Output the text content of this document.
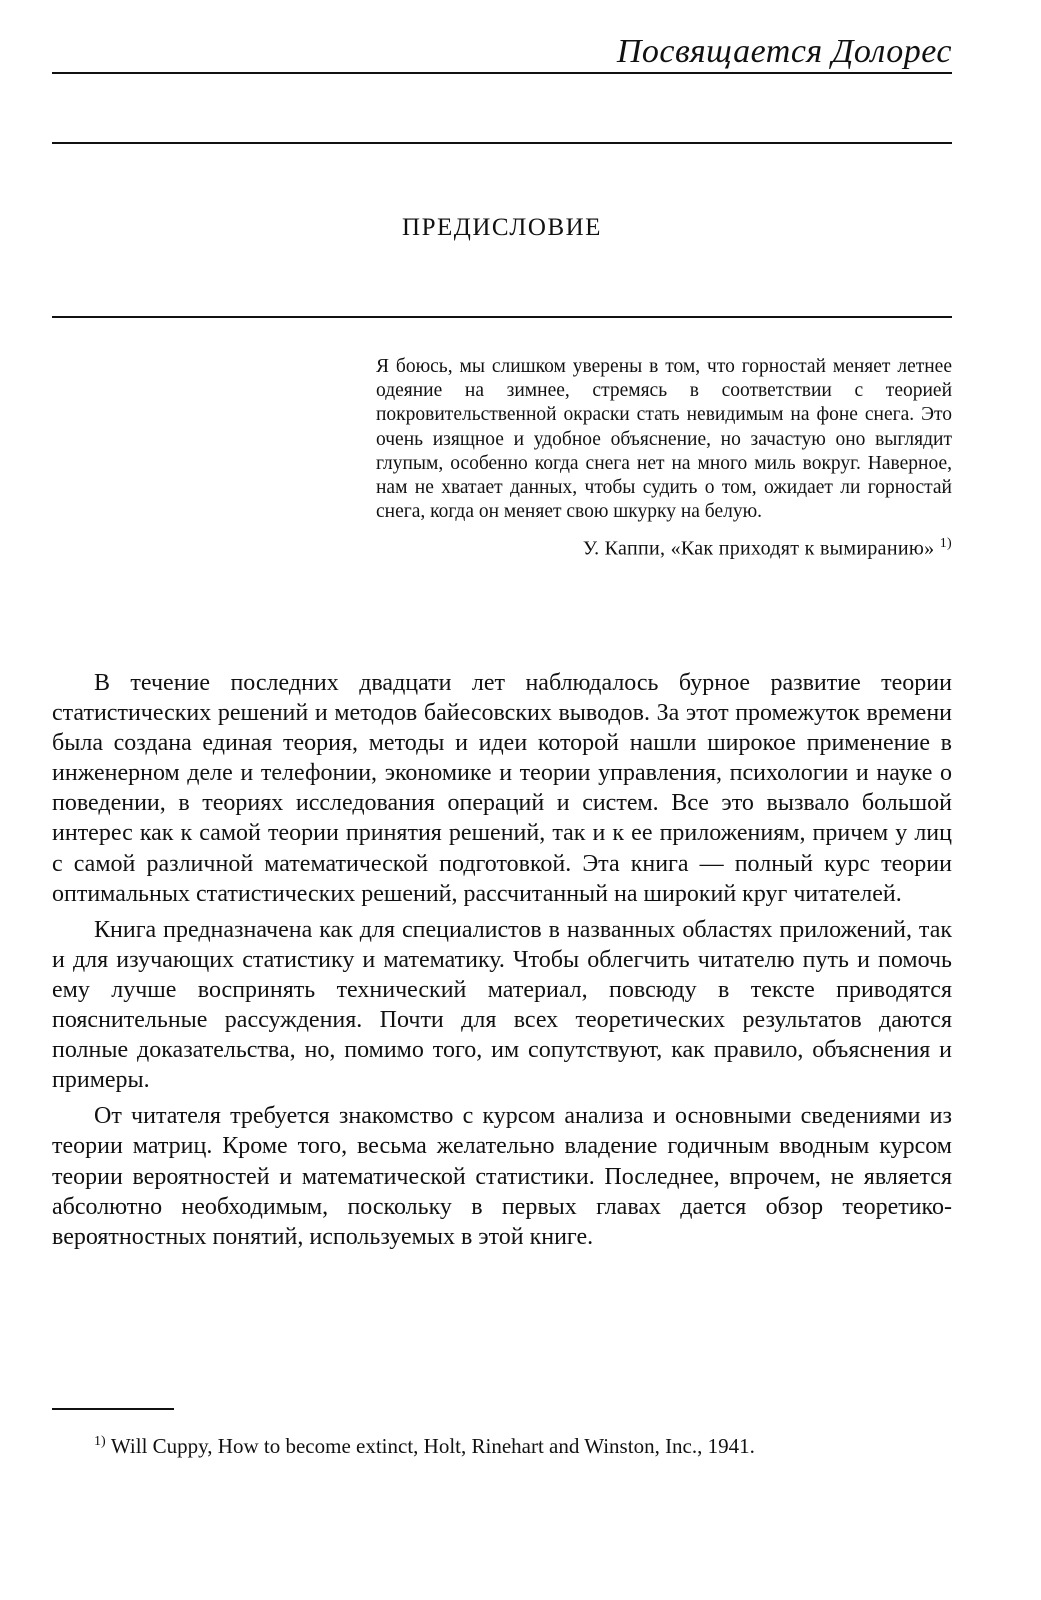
Посвящается Долорес
ПРЕДИСЛОВИЕ

Я боюсь, мы слишком уверены в том, что горностай меняет летнее одеяние на зимнее, стремясь в соответствии с теорией покровительственной окраски стать невидимым на фоне снега. Это очень изящное и удобное объяснение, но зачастую оно выглядит глупым, особенно когда снега нет на много миль вокруг. Наверное, нам не хватает данных, чтобы судить о том, ожидает ли горностай снега, когда он меняет свою шкурку на белую.

У. Каппи, «Как приходят к вымиранию» $^{1)}$

В течение последних двадцати лет наблюдалось бурное развитие теории статистических решений и методов байесовских выводов. За этот промежуток времени была создана единая теория, методы и идеи которой нашли широкое применение в инженерном деле и телефонии, экономике и теории управления, психологии и науке о поведении, в теориях исследования операций и систем. Все это вызвало большой интерес как к самой теории принятия решений, так и к ее приложениям, причем у лиц с самой различной математической подготовкой. Эта книга — полный курс теории оптимальных статистических решений, рассчитанный на широкий круг читателей.

Книга предназначена как для специалистов в названных областях приложений, так и для изучающих статистику и математику. Чтобы облегчить читателю путь и помочь ему лучше воспринять технический материал, повсюду в тексте приводятся пояснительные рассуждения. Почти для всех теоретических результатов даются полные доказательства, но, помимо того, им сопутствуют, как правило, объяснения и примеры.

От читателя требуется знакомство с курсом анализа и основными сведениями из теории матриц. Кроме того, весьма желательно владение годичным вводным курсом теории вероятностей и математической статистики. Последнее, впрочем, не является абсолютно необходимым, поскольку в первых главах дается обзор теоретико-вероятностных понятий, используемых в этой книге.

$^{1)}$ Will Cuppy, How to become extinct, Holt, Rinehart and Winston, Inc., 1941.
